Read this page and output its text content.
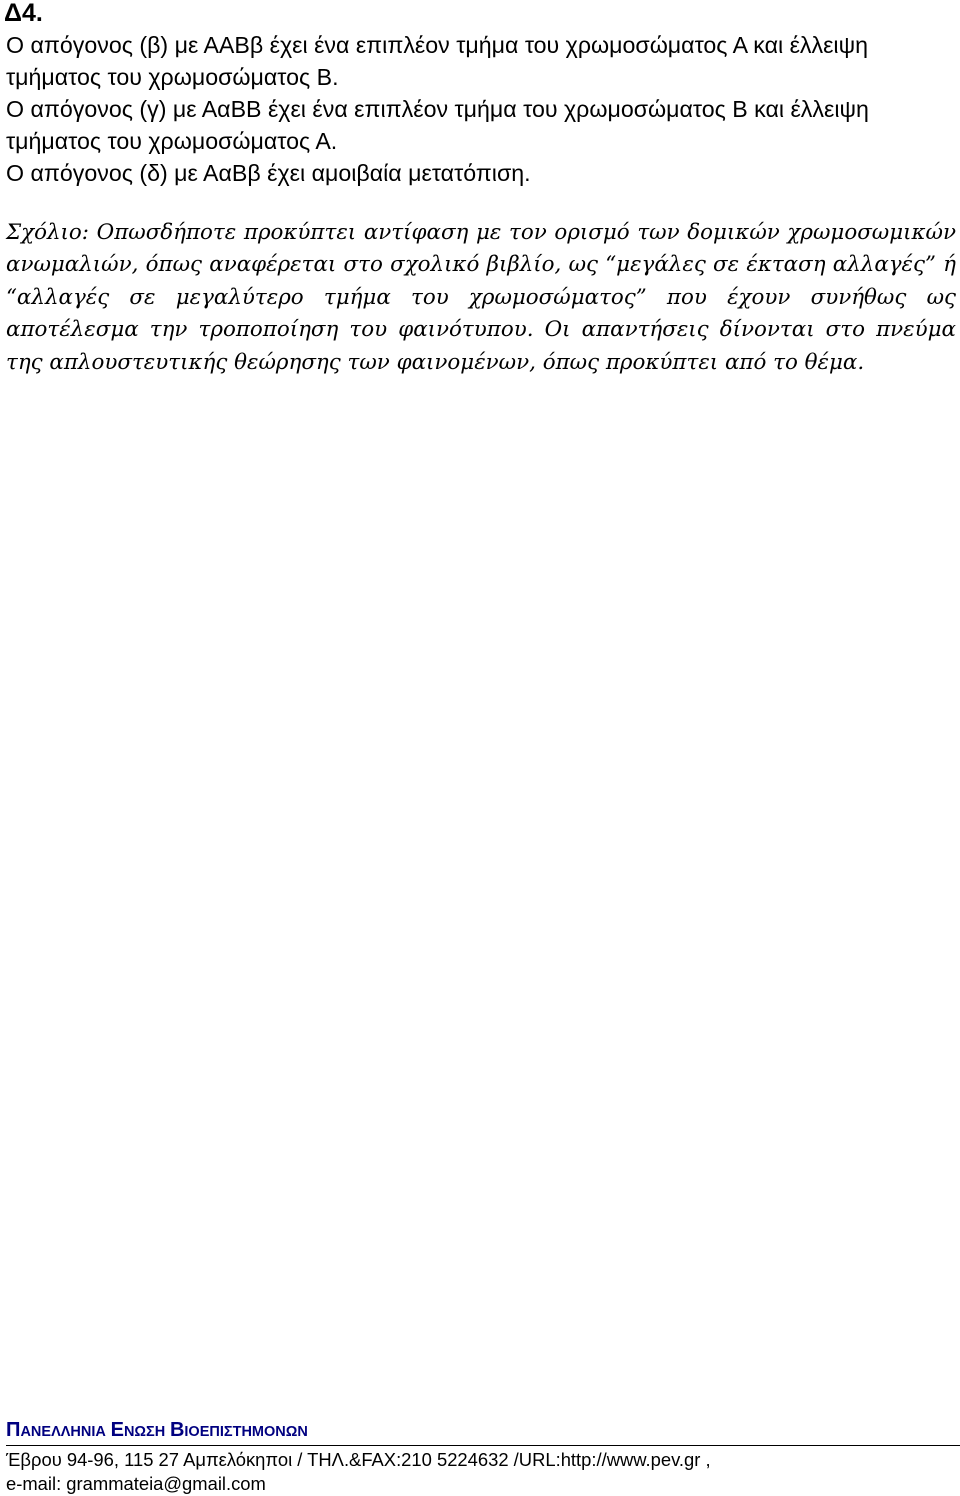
Δ4.

Ο απόγονος (β) με ΑΑΒβ έχει ένα επιπλέον τμήμα του χρωμοσώματος Α και έλλειψη τμήματος του χρωμοσώματος Β.

Ο απόγονος (γ) με ΑαΒΒ έχει ένα επιπλέον τμήμα του χρωμοσώματος Β και έλλειψη τμήματος του χρωμοσώματος Α.

Ο απόγονος (δ) με ΑαΒβ έχει αμοιβαία μετατόπιση.

Σχόλιο: Οπωσδήποτε προκύπτει αντίφαση με τον ορισμό των δομικών χρωμοσωμικών ανωμαλιών, όπως αναφέρεται στο σχολικό βιβλίο, ως “μεγάλες σε έκταση αλλαγές” ή “αλλαγές σε μεγαλύτερο τμήμα του χρωμοσώματος” που έχουν συνήθως ως αποτέλεσμα την τροποποίηση του φαινότυπου. Οι απαντήσεις δίνονται στο πνεύμα της απλουστευτικής θεώρησης των φαινομένων, όπως προκύπτει από το θέμα.

ΠΑΝΕΛΛΗΝΙΑ ΕΝΩΣΗ ΒΙΟΕΠΙΣΤΗΜΟΝΩΝ
Έβρου 94-96, 115 27 Αμπελόκηποι / ΤΗΛ.&FAX:210 5224632 /URL:http://www.pev.gr ,
e-mail: grammateia@gmail.com
